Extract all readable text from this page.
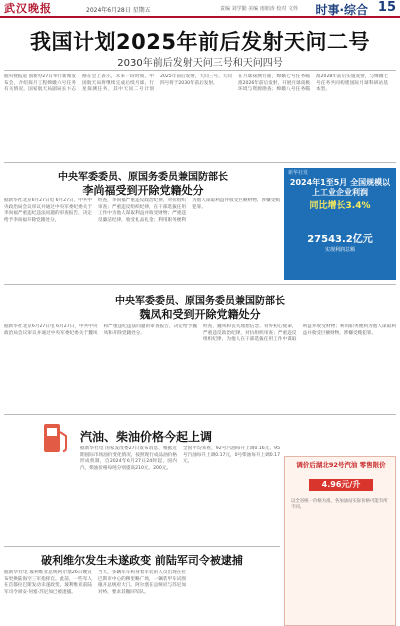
武汉晚报	2024年6月28日 星期五	责编 刘学勤 美编 雨朋涛 校对 文姓 时事·综合 15
我国计划2025年前后发射天问二号
2030年前后发射天问三号和天问四号

据央视报道 国新办27日举行新闻发布会，介绍探月工程嫦娥六号任务有关情况。国家航天局副局长卞志刚在会上表示，未来一段时间，中国航天局将继续完成后续月球、行星探测任务，其中天问二号计划2025年前后发射，天问三号、天问四号将于2030年前后发射。

在月球探测方面，嫦娥七号任务瞄准2026年前后发射，开展月球南极环境与资源勘查；嫦娥八号任务瞄准2028年前后实施发射，与嫦娥七号任务共同构建国际月球科研站基本型。

中央军委委员、原国务委员兼国防部长
李尚福受到开除党籍处分

据新华社北京6月27日电 6月27日，中共中央政治局会议审议并通过中央军委纪委关于李尚福严重违纪违法问题的审查报告，决定给予李尚福开除党籍处分。

经查，李尚福严重违反政治纪律，对抗组织审查；严重违反组织纪律，在干部选拔任用工作中为他人谋取利益并收受财物；严重违反廉洁纪律，收受礼品礼金；利用职务便利为他人谋取利益并收受巨额财物，涉嫌受贿犯罪。

新华社发
2024年1至5月 全国规模以上工业企业利润
同比增长3.4%
27543.2亿元
实现利润总额
中央军委委员、原国务委员兼国防部长
魏凤和受到开除党籍处分

据新华社北京6月27日电 6月27日，中共中央政治局会议审议并通过中央军委纪委关于魏凤和严重违纪违法问题的审查报告，决定给予魏凤和开除党籍处分。

经查，魏凤和丧失理想信念、背弃初心使命，严重违反政治纪律，对抗组织审查；严重违反组织纪律，为他人在干部选拔任用工作中谋取利益并收受财物；利用职务便利为他人谋取利益并收受巨额财物，涉嫌受贿犯罪。

汽油、柴油价格今起上调

据新华社电 国家发改委27日发布消息，根据近期国际市场油价变化情况，按照现行成品油价格形成机制，自2024年6月27日24时起，国内汽、柴油价格每吨分别提高210元、200元。

全国平均来看，92号汽油每升上调0.16元，95号汽油每升上调0.17元，0号柴油每升上调0.17元。	调价后湖北92号汽油 零售限价
4.96元/升
以全省统一价格为准，各加油站实际价格可能有所不同。
破利维尔发生未遂政变 前陆军司令被逮捕

据新华社电 玻利维亚总统阿尔塞26日晚宣布更换陆海空三军指挥官。此前，一些军人在首都拉巴斯发动未遂政变。玻利维亚前陆军司令胡安·何塞·苏尼加已被逮捕。

当天，多辆军车和身着军装的人员出现在拉巴斯市中心的穆里略广场，一辆装甲车试图撞开总统府大门。阿尔塞在总统府与苏尼加对峙，要求其撤回军队。
